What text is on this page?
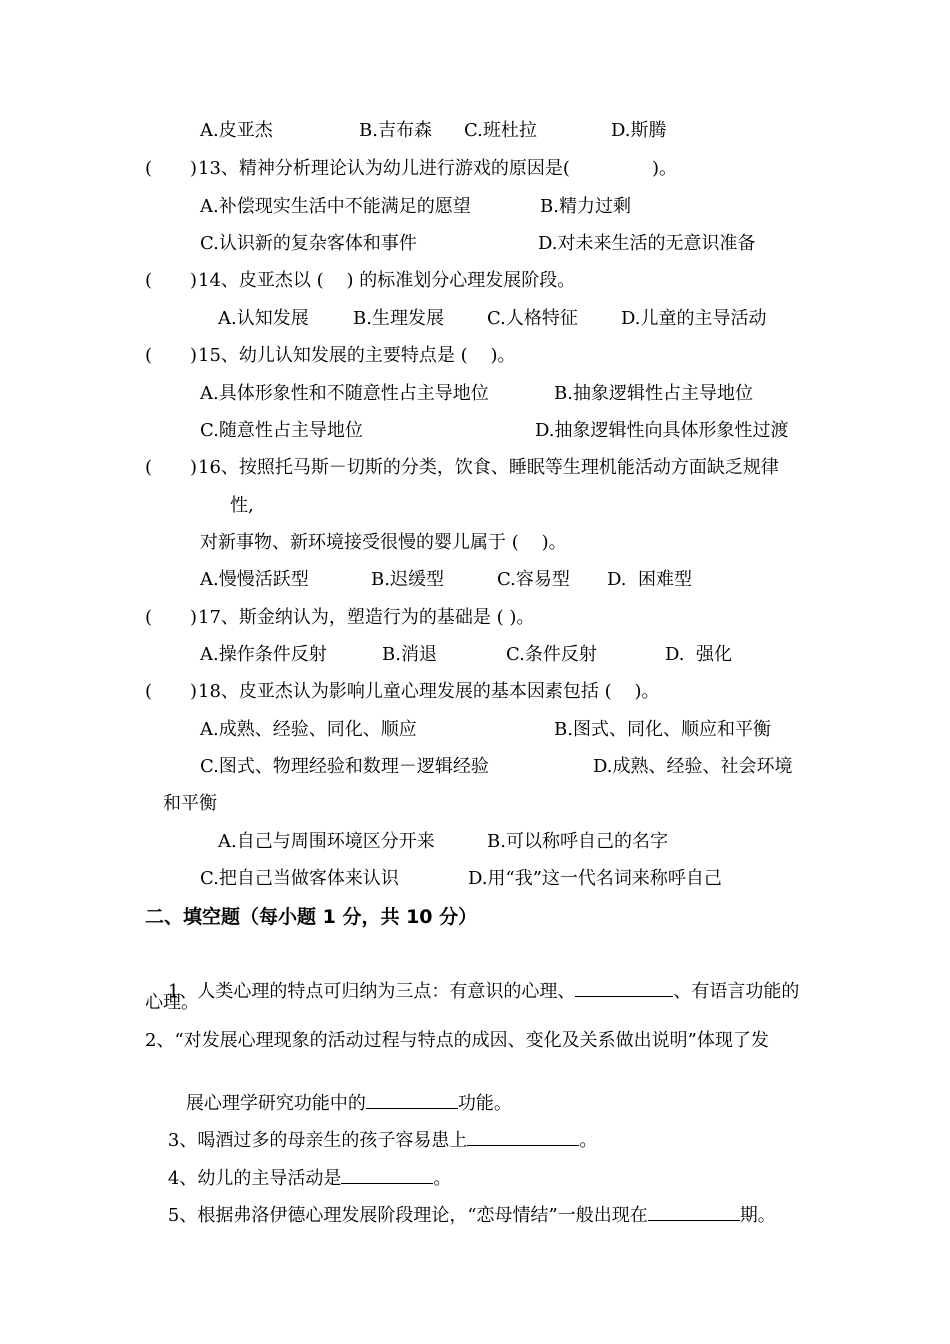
A.皮亚杰	B.吉布森 C.班杜拉	D.斯腾
( ) 13、精神分析理论认为幼儿进行游戏的原因是(	)。
A.补偿现实生活中不能满足的愿望	B.精力过剩
C.认识新的复杂客体和事件	D.对未来生活的无意识准备
( ) 14、皮亚杰以 (    ) 的标准划分心理发展阶段。
A.认知发展 B.生理发展 C.人格特征 D.儿童的主导活动
( ) 15、幼儿认知发展的主要特点是 (    )。
A.具体形象性和不随意性占主导地位	B.抽象逻辑性占主导地位
C.随意性占主导地位	D.抽象逻辑性向具体形象性过渡
( ) 16、按照托马斯－切斯的分类，饮食、睡眠等生理机能活动方面缺乏规律
性,
对新事物、新环境接受很慢的婴儿属于 (    )。
A.慢慢活跃型	B.迟缓型	C.容易型 D.  困难型
( ) 17、斯金纳认为，塑造行为的基础是 ( )。
A.操作条件反射	B.消退	C.条件反射	D.  强化
( ) 18、皮亚杰认为影响儿童心理发展的基本因素包括 (    )。
A.成熟、经验、同化、顺应	B.图式、同化、顺应和平衡
C.图式、物理经验和数理－逻辑经验	D.成熟、经验、社会环境
和平衡
A.自己与周围环境区分开来	B.可以称呼自己的名字
C.把自己当做客体来认识	D.用“我”这一代名词来称呼自己
二、填空题（每小题 1 分，共 10 分）

1、人类心理的特点可归纳为三点：有意识的心理、	、有语言功能的

心理。
2、“对发展心理现象的活动过程与特点的成因、变化及关系做出说明”体现了发

展心理学研究功能中的	功能。

3、喝酒过多的母亲生的孩子容易患上	。

4、幼儿的主导活动是	。

5、根据弗洛伊德心理发展阶段理论，“恋母情结”一般出现在	期。
